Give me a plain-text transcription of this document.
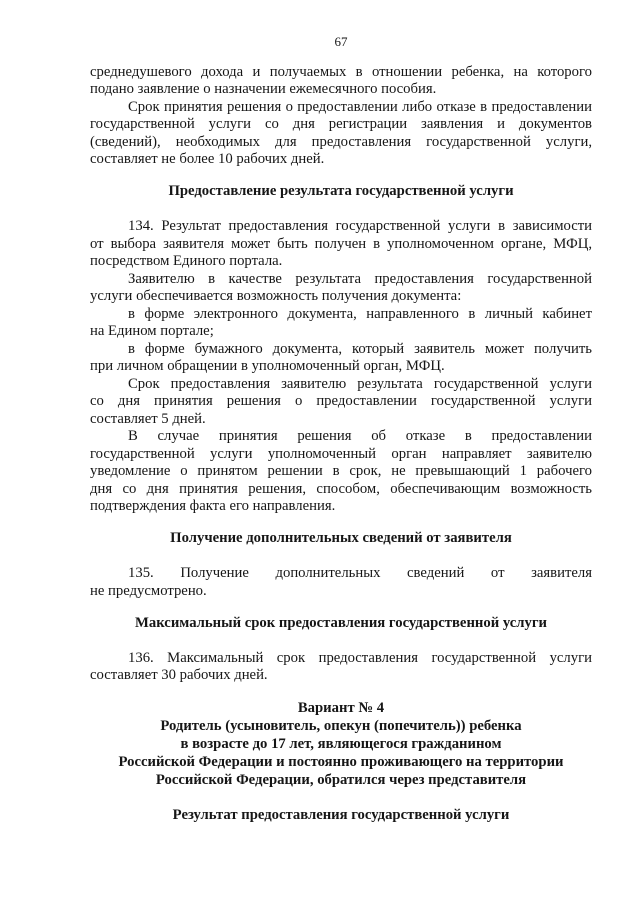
67
среднедушевого дохода и получаемых в отношении ребенка, на которого
подано заявление о назначении ежемесячного пособия.
Срок принятия решения о предоставлении либо отказе в предоставлении
государственной услуги со дня регистрации заявления и документов
(сведений), необходимых для предоставления государственной услуги,
составляет не более 10 рабочих дней.
Предоставление результата государственной услуги
134. Результат предоставления государственной услуги в зависимости
от выбора заявителя может быть получен в уполномоченном органе, МФЦ,
посредством Единого портала.
Заявителю в качестве результата предоставления государственной
услуги обеспечивается возможность получения документа:
в форме электронного документа, направленного в личный кабинет
на Едином портале;
в форме бумажного документа, который заявитель может получить
при личном обращении в уполномоченный орган, МФЦ.
Срок предоставления заявителю результата государственной услуги
со дня принятия решения о предоставлении государственной услуги
составляет 5 дней.
В случае принятия решения об отказе в предоставлении
государственной услуги уполномоченный орган направляет заявителю
уведомление о принятом решении в срок, не превышающий 1 рабочего
дня со дня принятия решения, способом, обеспечивающим возможность
подтверждения факта его направления.
Получение дополнительных сведений от заявителя
135. Получение дополнительных сведений от заявителя
не предусмотрено.
Максимальный срок предоставления государственной услуги
136. Максимальный срок предоставления государственной услуги
составляет 30 рабочих дней.
Вариант № 4
Родитель (усыновитель, опекун (попечитель)) ребенка
в возрасте до 17 лет, являющегося гражданином
Российской Федерации и постоянно проживающего на территории
Российской Федерации, обратился через представителя
Результат предоставления государственной услуги
